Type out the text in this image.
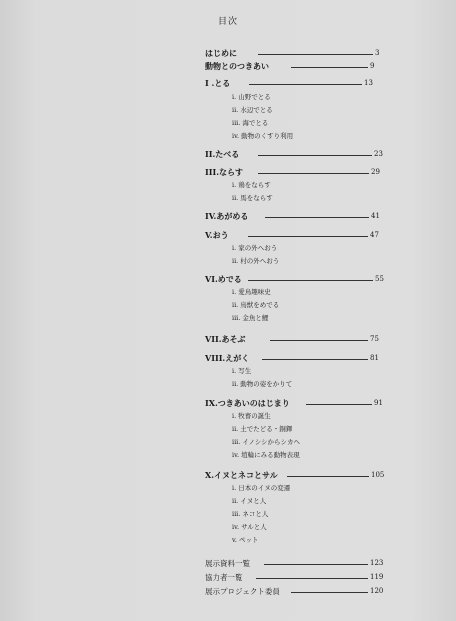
目次
はじめに	3
動物とのつきあい	9
I .とる	13
i. 山野でとる
ii. 水辺でとる
iii. 海でとる
iv. 動物のくすり利用
II.たべる	23
III.ならす	29
i. 鶏をならす
ii. 馬をならす
IV.あがめる	41
V.おう	47
i. 家の外へおう
ii. 村の外へおう
VI.めでる	55
i. 愛鳥趣味史
ii. 鳥獣をめでる
iii. 金魚と鯉
VII.あそぶ	75
VIII.えがく	81
i. 写生
ii. 動物の姿をかりて
IX.つきあいのはじまり	91
i. 牧畜の誕生
ii. 土でたどる・銅鐸
iii. イノシシからシカへ
iv. 埴輪にみる動物表現
X.イヌとネコとサル	105
i. 日本のイヌの変遷
ii. イヌと人
iii. ネコと人
iv. サルと人
v. ペット
展示資料一覧	123
協力者一覧	119
展示プロジェクト委員	120
